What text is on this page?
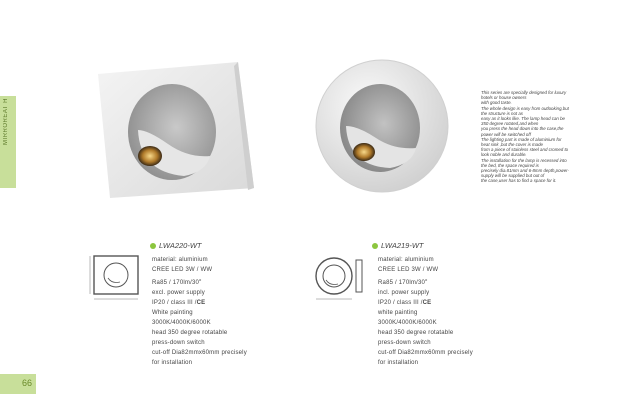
MIRROREAT H
This series are specially designed for luxury
hotels or house owners
with good taste.
The whole design is easy from outlooking,but
the structure is not as
easy as it looks like. The lamp head can be
350 degree rotated,and when
you press the head down into the case,the
power will be switched off
The lighting part is made of aluminium for
heat sink ,but the cover is made
from a piece of stainless steel and cromed to
look noble and durable.
The installation for the lamp is recessed into
the bed, the space required is
precisely dia.81mm and 6-8mm depth,power-
supply will be supplied but out of
the case,user has to find a space for it.
LWA220-WT
material: aluminium
CREE LED 3W / WW
Ra85 / 170lm/30$^o$
excl. power supply
IP20 / class III /CE
White painting
3000K/4000K/6000K
head 350 degree rotatable
press-down switch
cut-off Dia82mmx60mm precisely
for installation
LWA219-WT
material: aluminium
CREE LED 3W / WW
Ra85 / 170lm/30$^o$
incl. power supply
IP20 / class III /CE
white painting
3000K/4000K/6000K
head 350 degree rotatable
press-down switch
cut-off Dia82mmx60mm precisely
for installation
66
